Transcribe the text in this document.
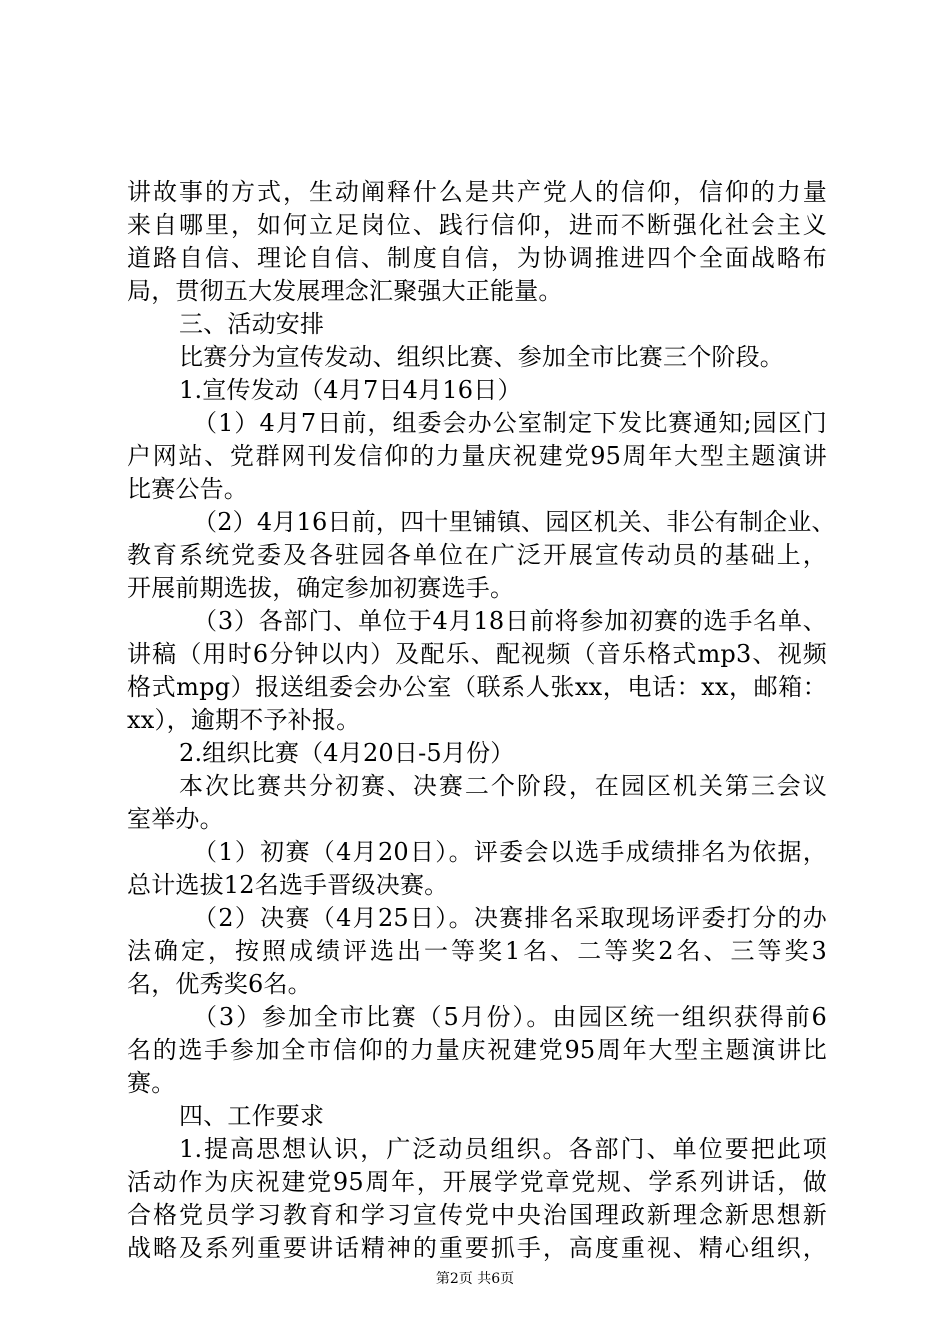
讲故事的方式，生动阐释什么是共产党人的信仰，信仰的力量
来自哪里，如何立足岗位、践行信仰，进而不断强化社会主义
道路自信、理论自信、制度自信，为协调推进四个全面战略布
局，贯彻五大发展理念汇聚强大正能量。
三、活动安排
比赛分为宣传发动、组织比赛、参加全市比赛三个阶段。
1.宣传发动（4月7日4月16日）
（1）4月7日前，组委会办公室制定下发比赛通知;园区门
户网站、党群网刊发信仰的力量庆祝建党95周年大型主题演讲
比赛公告。
（2）4月16日前，四十里铺镇、园区机关、非公有制企业、
教育系统党委及各驻园各单位在广泛开展宣传动员的基础上，
开展前期选拔，确定参加初赛选手。
（3）各部门、单位于4月18日前将参加初赛的选手名单、
讲稿（用时6分钟以内）及配乐、配视频（音乐格式mp3、视频
格式mpg）报送组委会办公室（联系人张xx，电话：xx，邮箱：
xx），逾期不予补报。
2.组织比赛（4月20日-5月份）
本次比赛共分初赛、决赛二个阶段，在园区机关第三会议
室举办。
（1）初赛（4月20日）。评委会以选手成绩排名为依据，
总计选拔12名选手晋级决赛。
（2）决赛（4月25日）。决赛排名采取现场评委打分的办
法确定，按照成绩评选出一等奖1名、二等奖2名、三等奖3
名，优秀奖6名。
（3）参加全市比赛（5月份）。由园区统一组织获得前6
名的选手参加全市信仰的力量庆祝建党95周年大型主题演讲比
赛。
四、工作要求
1.提高思想认识，广泛动员组织。各部门、单位要把此项
活动作为庆祝建党95周年，开展学党章党规、学系列讲话，做
合格党员学习教育和学习宣传党中央治国理政新理念新思想新
战略及系列重要讲话精神的重要抓手，高度重视、精心组织，
第2页 共6页
